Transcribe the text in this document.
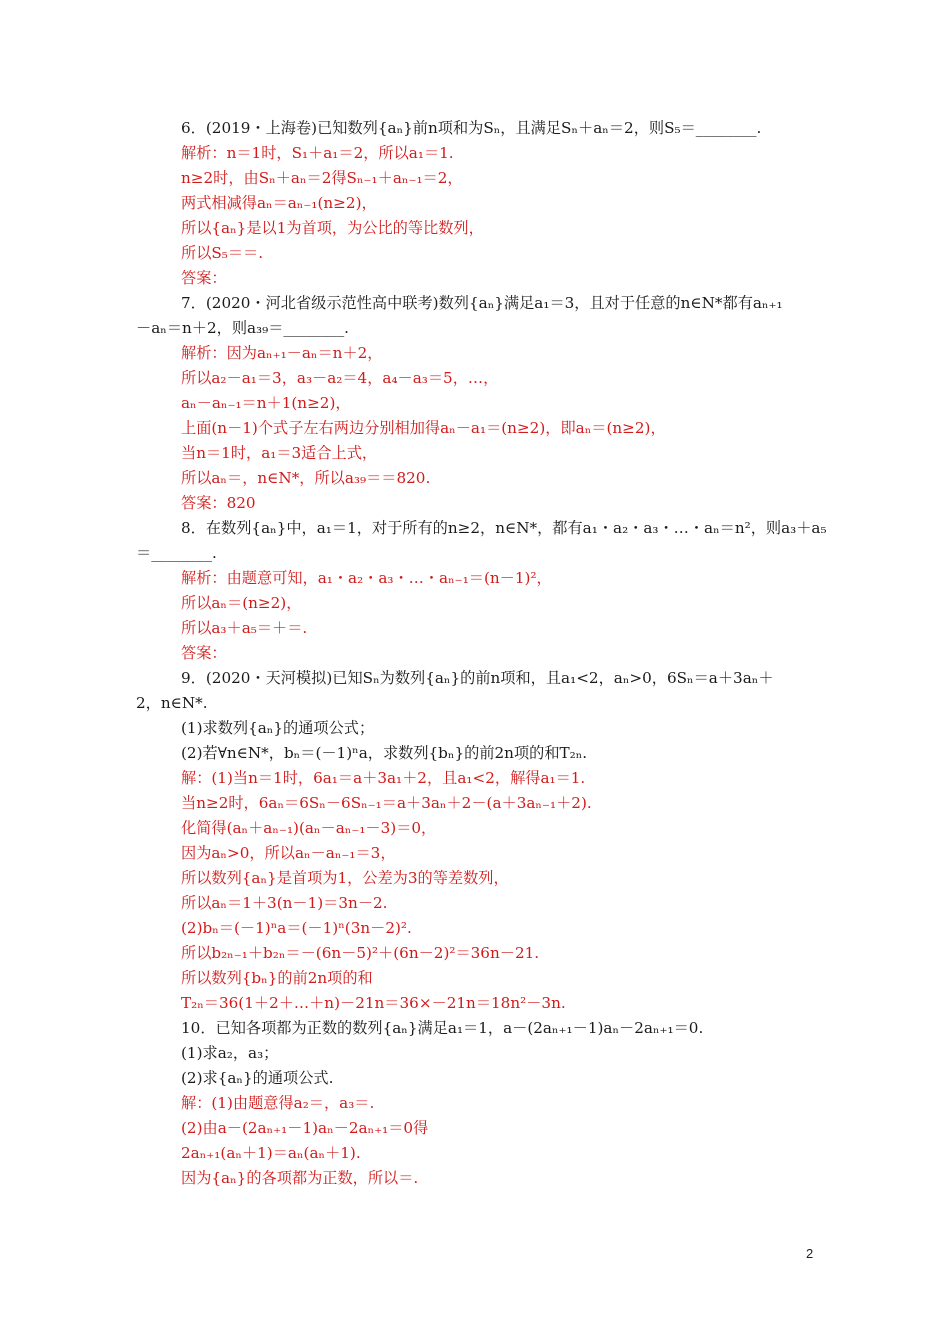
6．(2019・上海卷)已知数列{aₙ}前n项和为Sₙ，且满足Sₙ＋aₙ＝2，则S₅＝________.
解析：n＝1时，S₁＋a₁＝2，所以a₁＝1.
n≥2时，由Sₙ＋aₙ＝2得Sₙ₋₁＋aₙ₋₁＝2，
两式相减得aₙ＝aₙ₋₁(n≥2)，
所以{aₙ}是以1为首项，为公比的等比数列，
所以S₅＝＝.
答案：
7．(2020・河北省级示范性高中联考)数列{aₙ}满足a₁＝3，且对于任意的n∈N*都有aₙ₊₁
－aₙ＝n＋2，则a₃₉＝________.
解析：因为aₙ₊₁－aₙ＝n＋2，
所以a₂－a₁＝3，a₃－a₂＝4，a₄－a₃＝5，…，
aₙ－aₙ₋₁＝n＋1(n≥2)，
上面(n－1)个式子左右两边分别相加得aₙ－a₁＝(n≥2)，即aₙ＝(n≥2)，
当n＝1时，a₁＝3适合上式，
所以aₙ＝，n∈N*，所以a₃₉＝＝820.
答案：820
8．在数列{aₙ}中，a₁＝1，对于所有的n≥2，n∈N*，都有a₁・a₂・a₃・…・aₙ＝n²，则a₃＋a₅
＝________.
解析：由题意可知，a₁・a₂・a₃・…・aₙ₋₁＝(n－1)²，
所以aₙ＝(n≥2)，
所以a₃＋a₅＝＋＝.
答案：
9．(2020・天河模拟)已知Sₙ为数列{aₙ}的前n项和，且a₁<2，aₙ>0，6Sₙ＝a＋3aₙ＋
2，n∈N*.
(1)求数列{aₙ}的通项公式；
(2)若∀n∈N*，bₙ＝(－1)ⁿa，求数列{bₙ}的前2n项的和T₂ₙ.
解：(1)当n＝1时，6a₁＝a＋3a₁＋2，且a₁<2，解得a₁＝1.
当n≥2时，6aₙ＝6Sₙ－6Sₙ₋₁＝a＋3aₙ＋2－(a＋3aₙ₋₁＋2).
化简得(aₙ＋aₙ₋₁)(aₙ－aₙ₋₁－3)＝0，
因为aₙ>0，所以aₙ－aₙ₋₁＝3，
所以数列{aₙ}是首项为1，公差为3的等差数列，
所以aₙ＝1＋3(n－1)＝3n－2.
(2)bₙ＝(－1)ⁿa＝(－1)ⁿ(3n－2)².
所以b₂ₙ₋₁＋b₂ₙ＝－(6n－5)²＋(6n－2)²＝36n－21.
所以数列{bₙ}的前2n项的和
T₂ₙ＝36(1＋2＋…＋n)－21n＝36×－21n＝18n²－3n.
10．已知各项都为正数的数列{aₙ}满足a₁＝1，a－(2aₙ₊₁－1)aₙ－2aₙ₊₁＝0.
(1)求a₂，a₃；
(2)求{aₙ}的通项公式.
解：(1)由题意得a₂＝，a₃＝.
(2)由a－(2aₙ₊₁－1)aₙ－2aₙ₊₁＝0得
2aₙ₊₁(aₙ＋1)＝aₙ(aₙ＋1).
因为{aₙ}的各项都为正数，所以＝.
2
